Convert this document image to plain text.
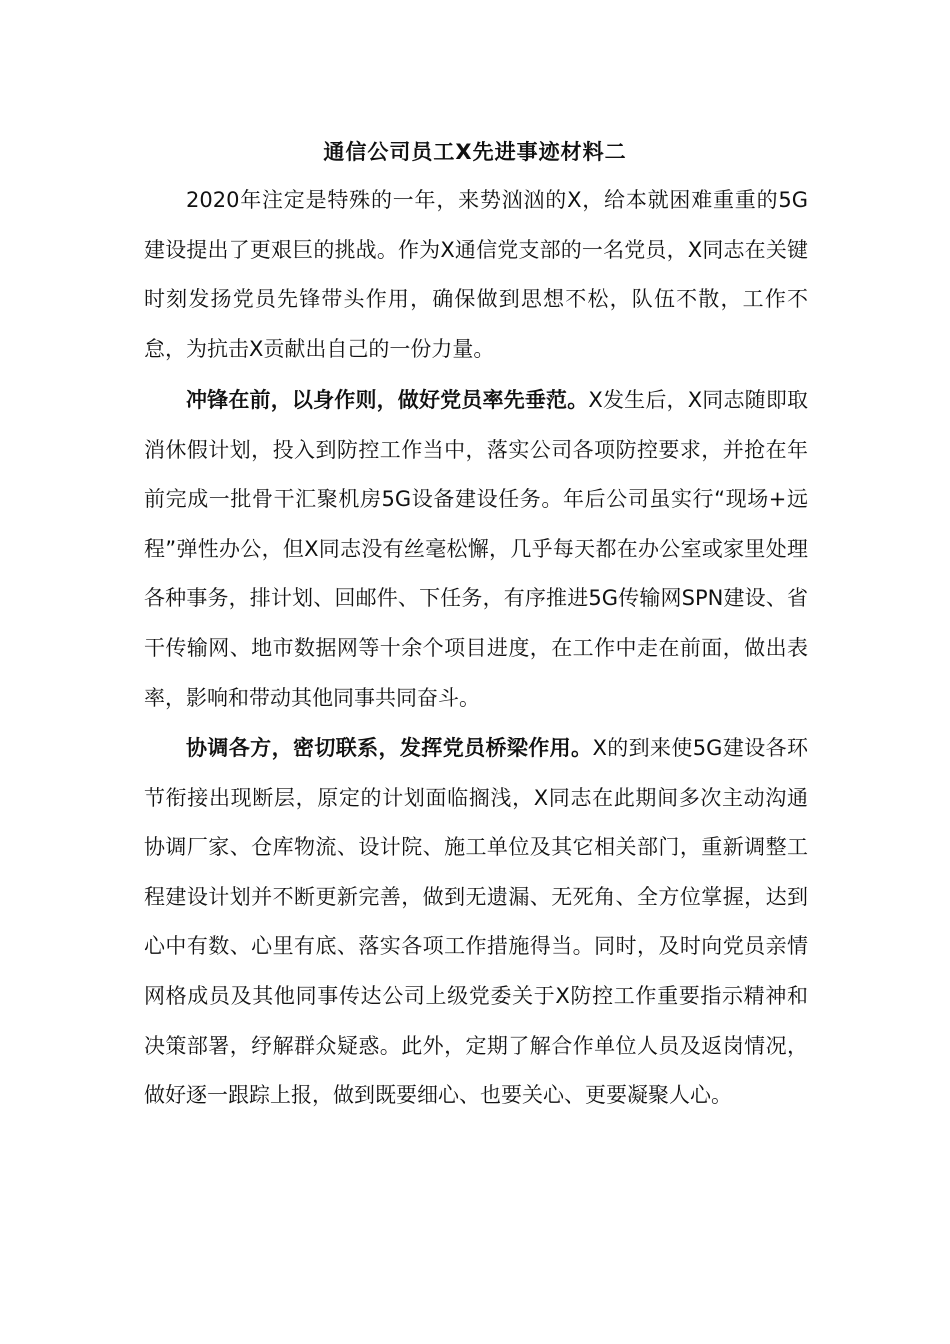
通信公司员工X先进事迹材料二

2020年注定是特殊的一年，来势汹汹的X，给本就困难重重的5G建设提出了更艰巨的挑战。作为X通信党支部的一名党员，X同志在关键时刻发扬党员先锋带头作用，确保做到思想不松，队伍不散，工作不怠，为抗击X贡献出自己的一份力量。

冲锋在前，以身作则，做好党员率先垂范。X发生后，X同志随即取消休假计划，投入到防控工作当中，落实公司各项防控要求，并抢在年前完成一批骨干汇聚机房5G设备建设任务。年后公司虽实行“现场+远程”弹性办公，但X同志没有丝毫松懈，几乎每天都在办公室或家里处理各种事务，排计划、回邮件、下任务，有序推进5G传输网SPN建设、省干传输网、地市数据网等十余个项目进度，在工作中走在前面，做出表率，影响和带动其他同事共同奋斗。

协调各方，密切联系，发挥党员桥梁作用。X的到来使5G建设各环节衔接出现断层，原定的计划面临搁浅，X同志在此期间多次主动沟通协调厂家、仓库物流、设计院、施工单位及其它相关部门，重新调整工程建设计划并不断更新完善，做到无遗漏、无死角、全方位掌握，达到心中有数、心里有底、落实各项工作措施得当。同时，及时向党员亲情网格成员及其他同事传达公司上级党委关于X防控工作重要指示精神和决策部署，纾解群众疑惑。此外，定期了解合作单位人员及返岗情况，做好逐一跟踪上报，做到既要细心、也要关心、更要凝聚人心。
